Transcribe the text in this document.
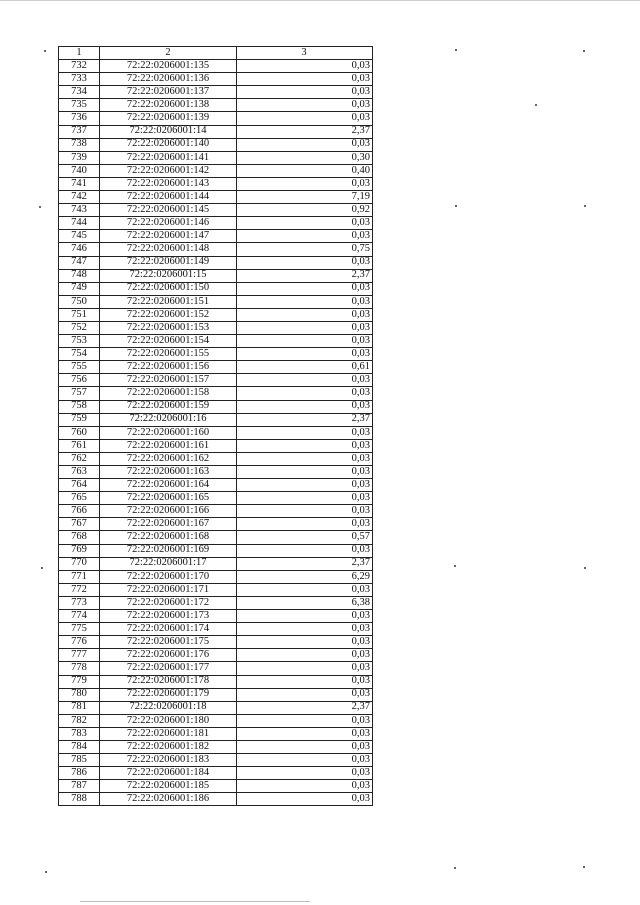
1	2	3
732	72:22:0206001:135	0,03
733	72:22:0206001:136	0,03
734	72:22:0206001:137	0,03
735	72:22:0206001:138	0,03
736	72:22:0206001:139	0,03
737	72:22:0206001:14	2,37
738	72:22:0206001:140	0,03
739	72:22:0206001:141	0,30
740	72:22:0206001:142	0,40
741	72:22:0206001:143	0,03
742	72:22:0206001:144	7,19
743	72:22:0206001:145	0,92
744	72:22:0206001:146	0,03
745	72:22:0206001:147	0,03
746	72:22:0206001:148	0,75
747	72:22:0206001:149	0,03
748	72:22:0206001:15	2,37
749	72:22:0206001:150	0,03
750	72:22:0206001:151	0,03
751	72:22:0206001:152	0,03
752	72:22:0206001:153	0,03
753	72:22:0206001:154	0,03
754	72:22:0206001:155	0,03
755	72:22:0206001:156	0,61
756	72:22:0206001:157	0,03
757	72:22:0206001:158	0,03
758	72:22:0206001:159	0,03
759	72:22:0206001:16	2,37
760	72:22:0206001:160	0,03
761	72:22:0206001:161	0,03
762	72:22:0206001:162	0,03
763	72:22:0206001:163	0,03
764	72:22:0206001:164	0,03
765	72:22:0206001:165	0,03
766	72:22:0206001:166	0,03
767	72:22:0206001:167	0,03
768	72:22:0206001:168	0,57
769	72:22:0206001:169	0,03
770	72:22:0206001:17	2,37
771	72:22:0206001:170	6,29
772	72:22:0206001:171	0,03
773	72:22:0206001:172	6,38
774	72:22:0206001:173	0,03
775	72:22:0206001:174	0,03
776	72:22:0206001:175	0,03
777	72:22:0206001:176	0,03
778	72:22:0206001:177	0,03
779	72:22:0206001:178	0,03
780	72:22:0206001:179	0,03
781	72:22:0206001:18	2,37
782	72:22:0206001:180	0,03
783	72:22:0206001:181	0,03
784	72:22:0206001:182	0,03
785	72:22:0206001:183	0,03
786	72:22:0206001:184	0,03
787	72:22:0206001:185	0,03
788	72:22:0206001:186	0,03
